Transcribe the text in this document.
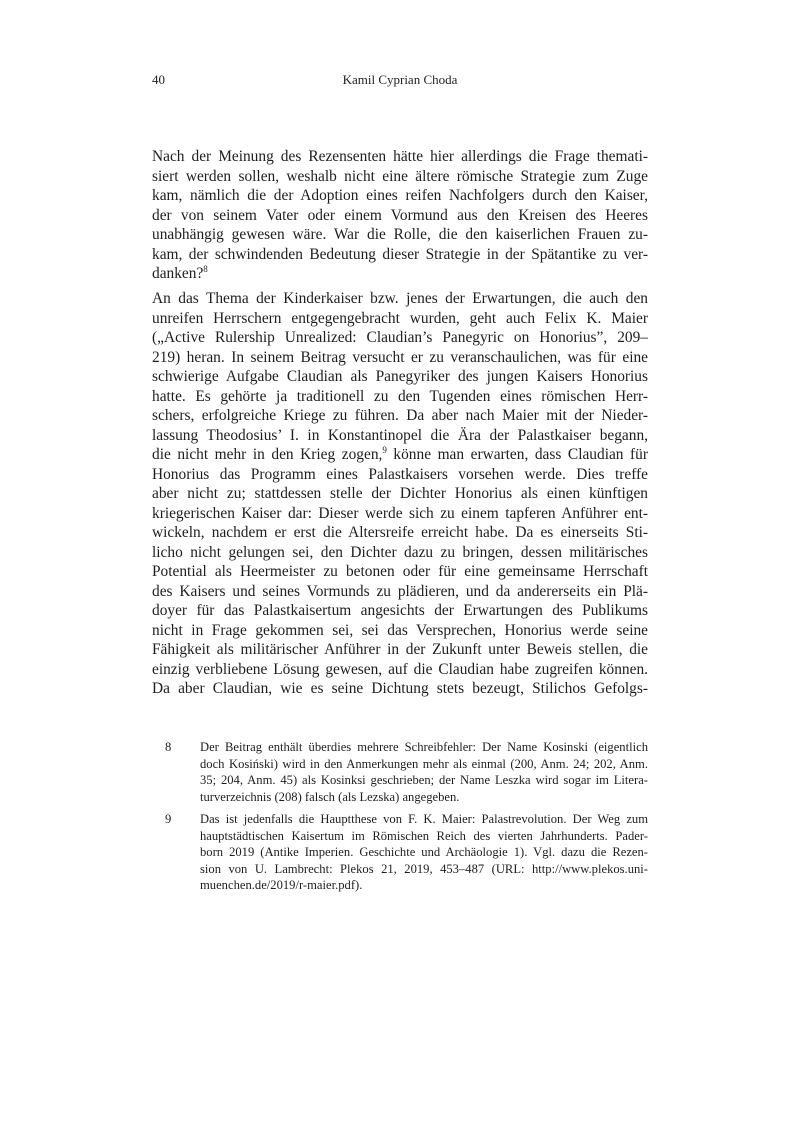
40	Kamil Cyprian Choda
Nach der Meinung des Rezensenten hätte hier allerdings die Frage themati-
siert werden sollen, weshalb nicht eine ältere römische Strategie zum Zuge
kam, nämlich die der Adoption eines reifen Nachfolgers durch den Kaiser,
der von seinem Vater oder einem Vormund aus den Kreisen des Heeres
unabhängig gewesen wäre. War die Rolle, die den kaiserlichen Frauen zu-
kam, der schwindenden Bedeutung dieser Strategie in der Spätantike zu ver-
danken?$^8$
An das Thema der Kinderkaiser bzw. jenes der Erwartungen, die auch den
unreifen Herrschern entgegengebracht wurden, geht auch Felix K. Maier
(„Active Rulership Unrealized: Claudian’s Panegyric on Honorius”, 209–
219) heran. In seinem Beitrag versucht er zu veranschaulichen, was für eine
schwierige Aufgabe Claudian als Panegyriker des jungen Kaisers Honorius
hatte. Es gehörte ja traditionell zu den Tugenden eines römischen Herr-
schers, erfolgreiche Kriege zu führen. Da aber nach Maier mit der Nieder-
lassung Theodosius’ I. in Konstantinopel die Ära der Palastkaiser begann,
die nicht mehr in den Krieg zogen,$^9$ könne man erwarten, dass Claudian für
Honorius das Programm eines Palastkaisers vorsehen werde. Dies treffe
aber nicht zu; stattdessen stelle der Dichter Honorius als einen künftigen
kriegerischen Kaiser dar: Dieser werde sich zu einem tapferen Anführer ent-
wickeln, nachdem er erst die Altersreife erreicht habe. Da es einerseits Sti-
licho nicht gelungen sei, den Dichter dazu zu bringen, dessen militärisches
Potential als Heermeister zu betonen oder für eine gemeinsame Herrschaft
des Kaisers und seines Vormunds zu plädieren, und da andererseits ein Plä-
doyer für das Palastkaisertum angesichts der Erwartungen des Publikums
nicht in Frage gekommen sei, sei das Versprechen, Honorius werde seine
Fähigkeit als militärischer Anführer in der Zukunft unter Beweis stellen, die
einzig verbliebene Lösung gewesen, auf die Claudian habe zugreifen können.
Da aber Claudian, wie es seine Dichtung stets bezeugt, Stilichos Gefolgs-
8 Der Beitrag enthält überdies mehrere Schreibfehler: Der Name Kosinski (eigentlich
doch Kosiński) wird in den Anmerkungen mehr als einmal (200, Anm. 24; 202, Anm.
35; 204, Anm. 45) als Kosinksi geschrieben; der Name Leszka wird sogar im Litera-
turverzeichnis (208) falsch (als Lezska) angegeben.
9 Das ist jedenfalls die Hauptthese von F. K. Maier: Palastrevolution. Der Weg zum
hauptstädtischen Kaisertum im Römischen Reich des vierten Jahrhunderts. Pader-
born 2019 (Antike Imperien. Geschichte und Archäologie 1). Vgl. dazu die Rezen-
sion von U. Lambrecht: Plekos 21, 2019, 453–487 (URL: http://www.plekos.uni-
muenchen.de/2019/r-maier.pdf).
